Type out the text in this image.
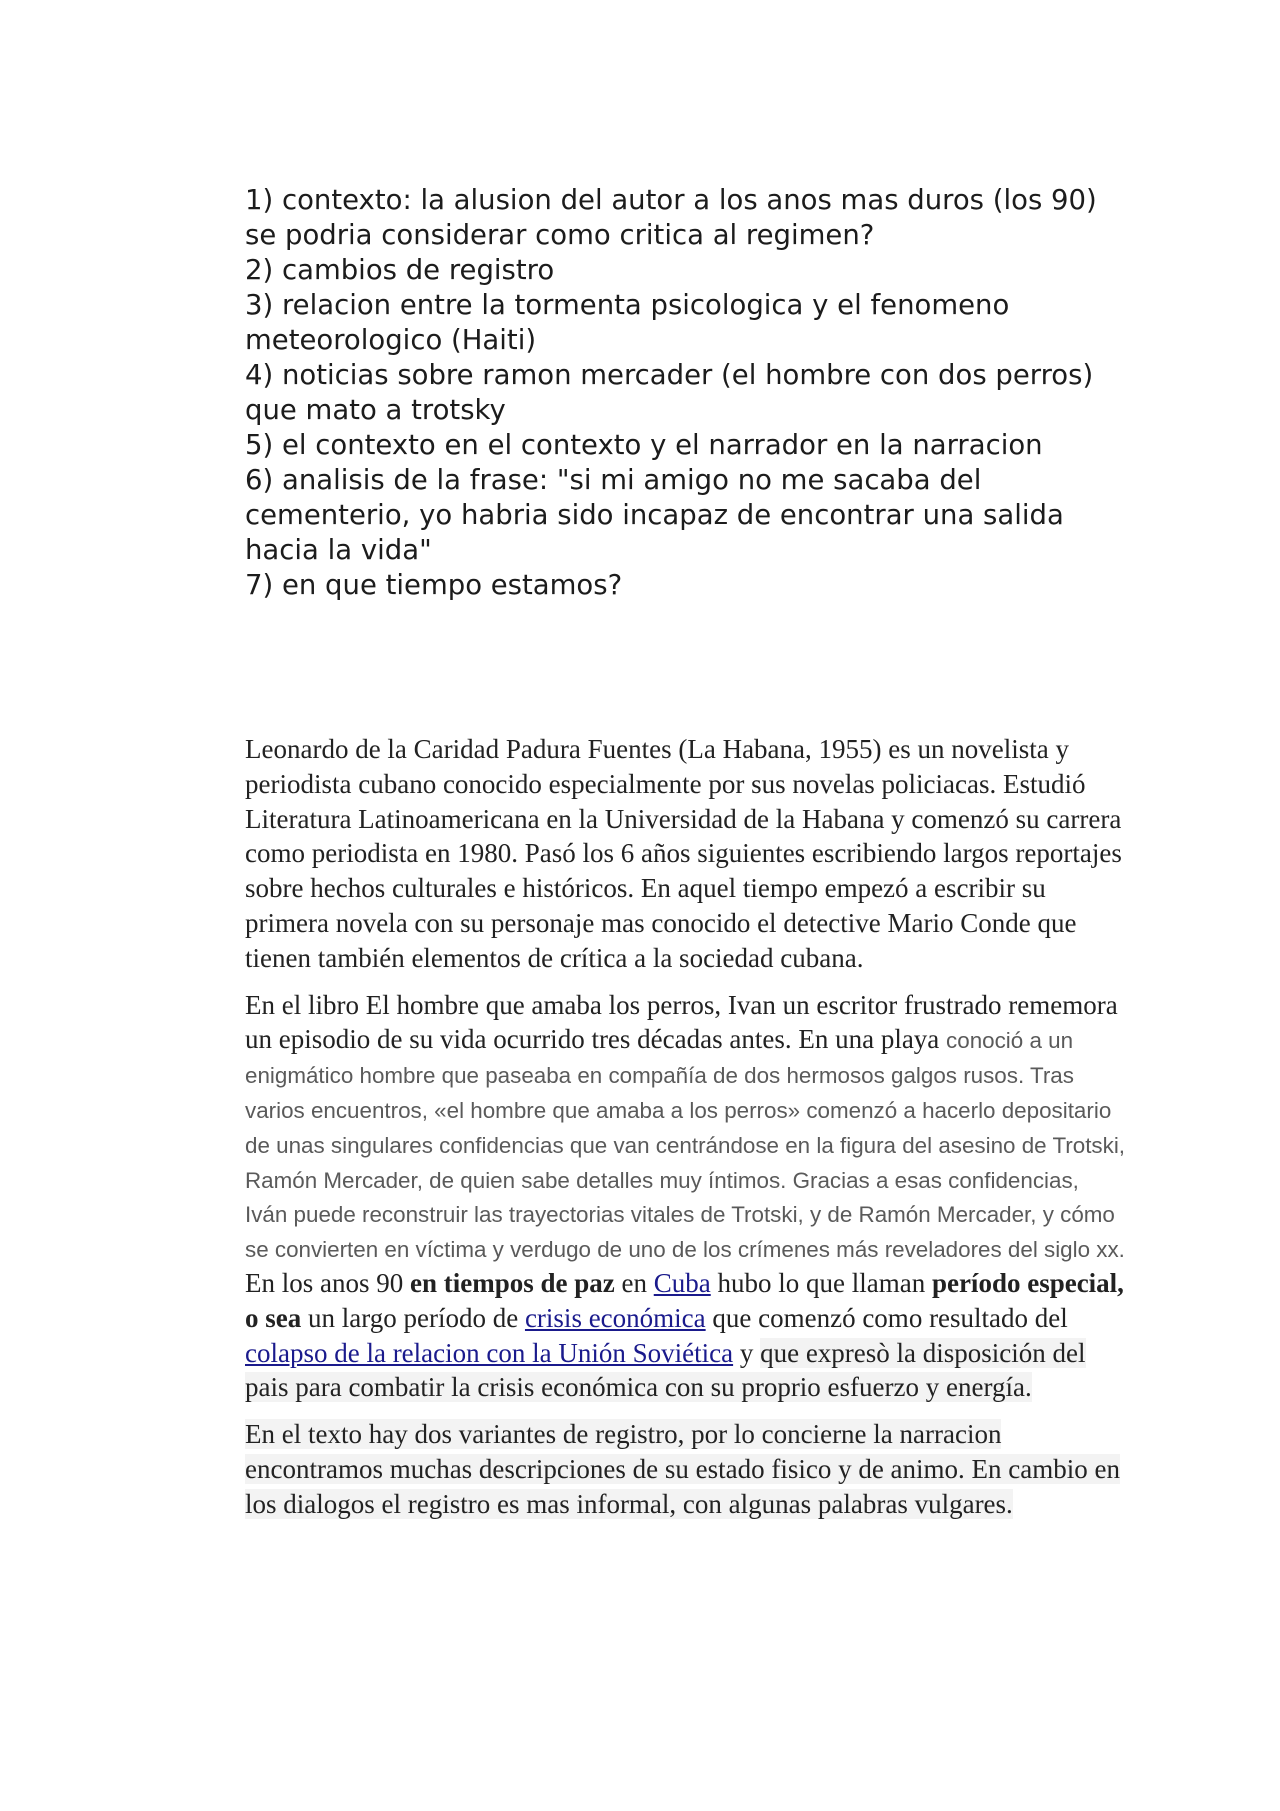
1) contexto: la alusion del autor a los anos mas duros (los 90) se podria considerar como critica al regimen?
2) cambios de registro
3) relacion entre la tormenta psicologica y el fenomeno meteorologico (Haiti)
4) noticias sobre ramon mercader (el hombre con dos perros) que mato a trotsky
5) el contexto en el contexto y el narrador en la narracion
6) analisis de la frase: "si mi amigo no me sacaba del cementerio, yo habria sido incapaz de encontrar una salida hacia la vida"
7) en que tiempo estamos?

Leonardo de la Caridad Padura Fuentes (La Habana, 1955) es un novelista y periodista cubano conocido especialmente por sus novelas policiacas. Estudió Literatura Latinoamericana en la Universidad de la Habana y comenzó su carrera como periodista en 1980. Pasó los 6 años siguientes escribiendo largos reportajes sobre hechos culturales e históricos. En aquel tiempo empezó a escribir su primera novela con su personaje mas conocido el detective Mario Conde que tienen también elementos de crítica a la sociedad cubana.

En el libro El hombre que amaba los perros, Ivan un escritor frustrado rememora un episodio de su vida ocurrido tres décadas antes. En una playa conoció a un enigmático hombre que paseaba en compañía de dos hermosos galgos rusos. Tras varios encuentros, «el hombre que amaba a los perros» comenzó a hacerlo depositario de unas singulares confidencias que van centrándose en la figura del asesino de Trotski, Ramón Mercader, de quien sabe detalles muy íntimos. Gracias a esas confidencias, Iván puede reconstruir las trayectorias vitales de Trotski, y de Ramón Mercader, y cómo se convierten en víctima y verdugo de uno de los crímenes más reveladores del siglo xx. En los anos 90 en tiempos de paz en Cuba hubo lo que llaman período especial, o sea un largo período de crisis económica que comenzó como resultado del colapso de la relacion con la Unión Soviética y que expresò la disposición del pais para combatir la crisis económica con su proprio esfuerzo y energía.

En el texto hay dos variantes de registro, por lo concierne la narracion encontramos muchas descripciones de su estado fisico y de animo. En cambio en los dialogos el registro es mas informal, con algunas palabras vulgares.
